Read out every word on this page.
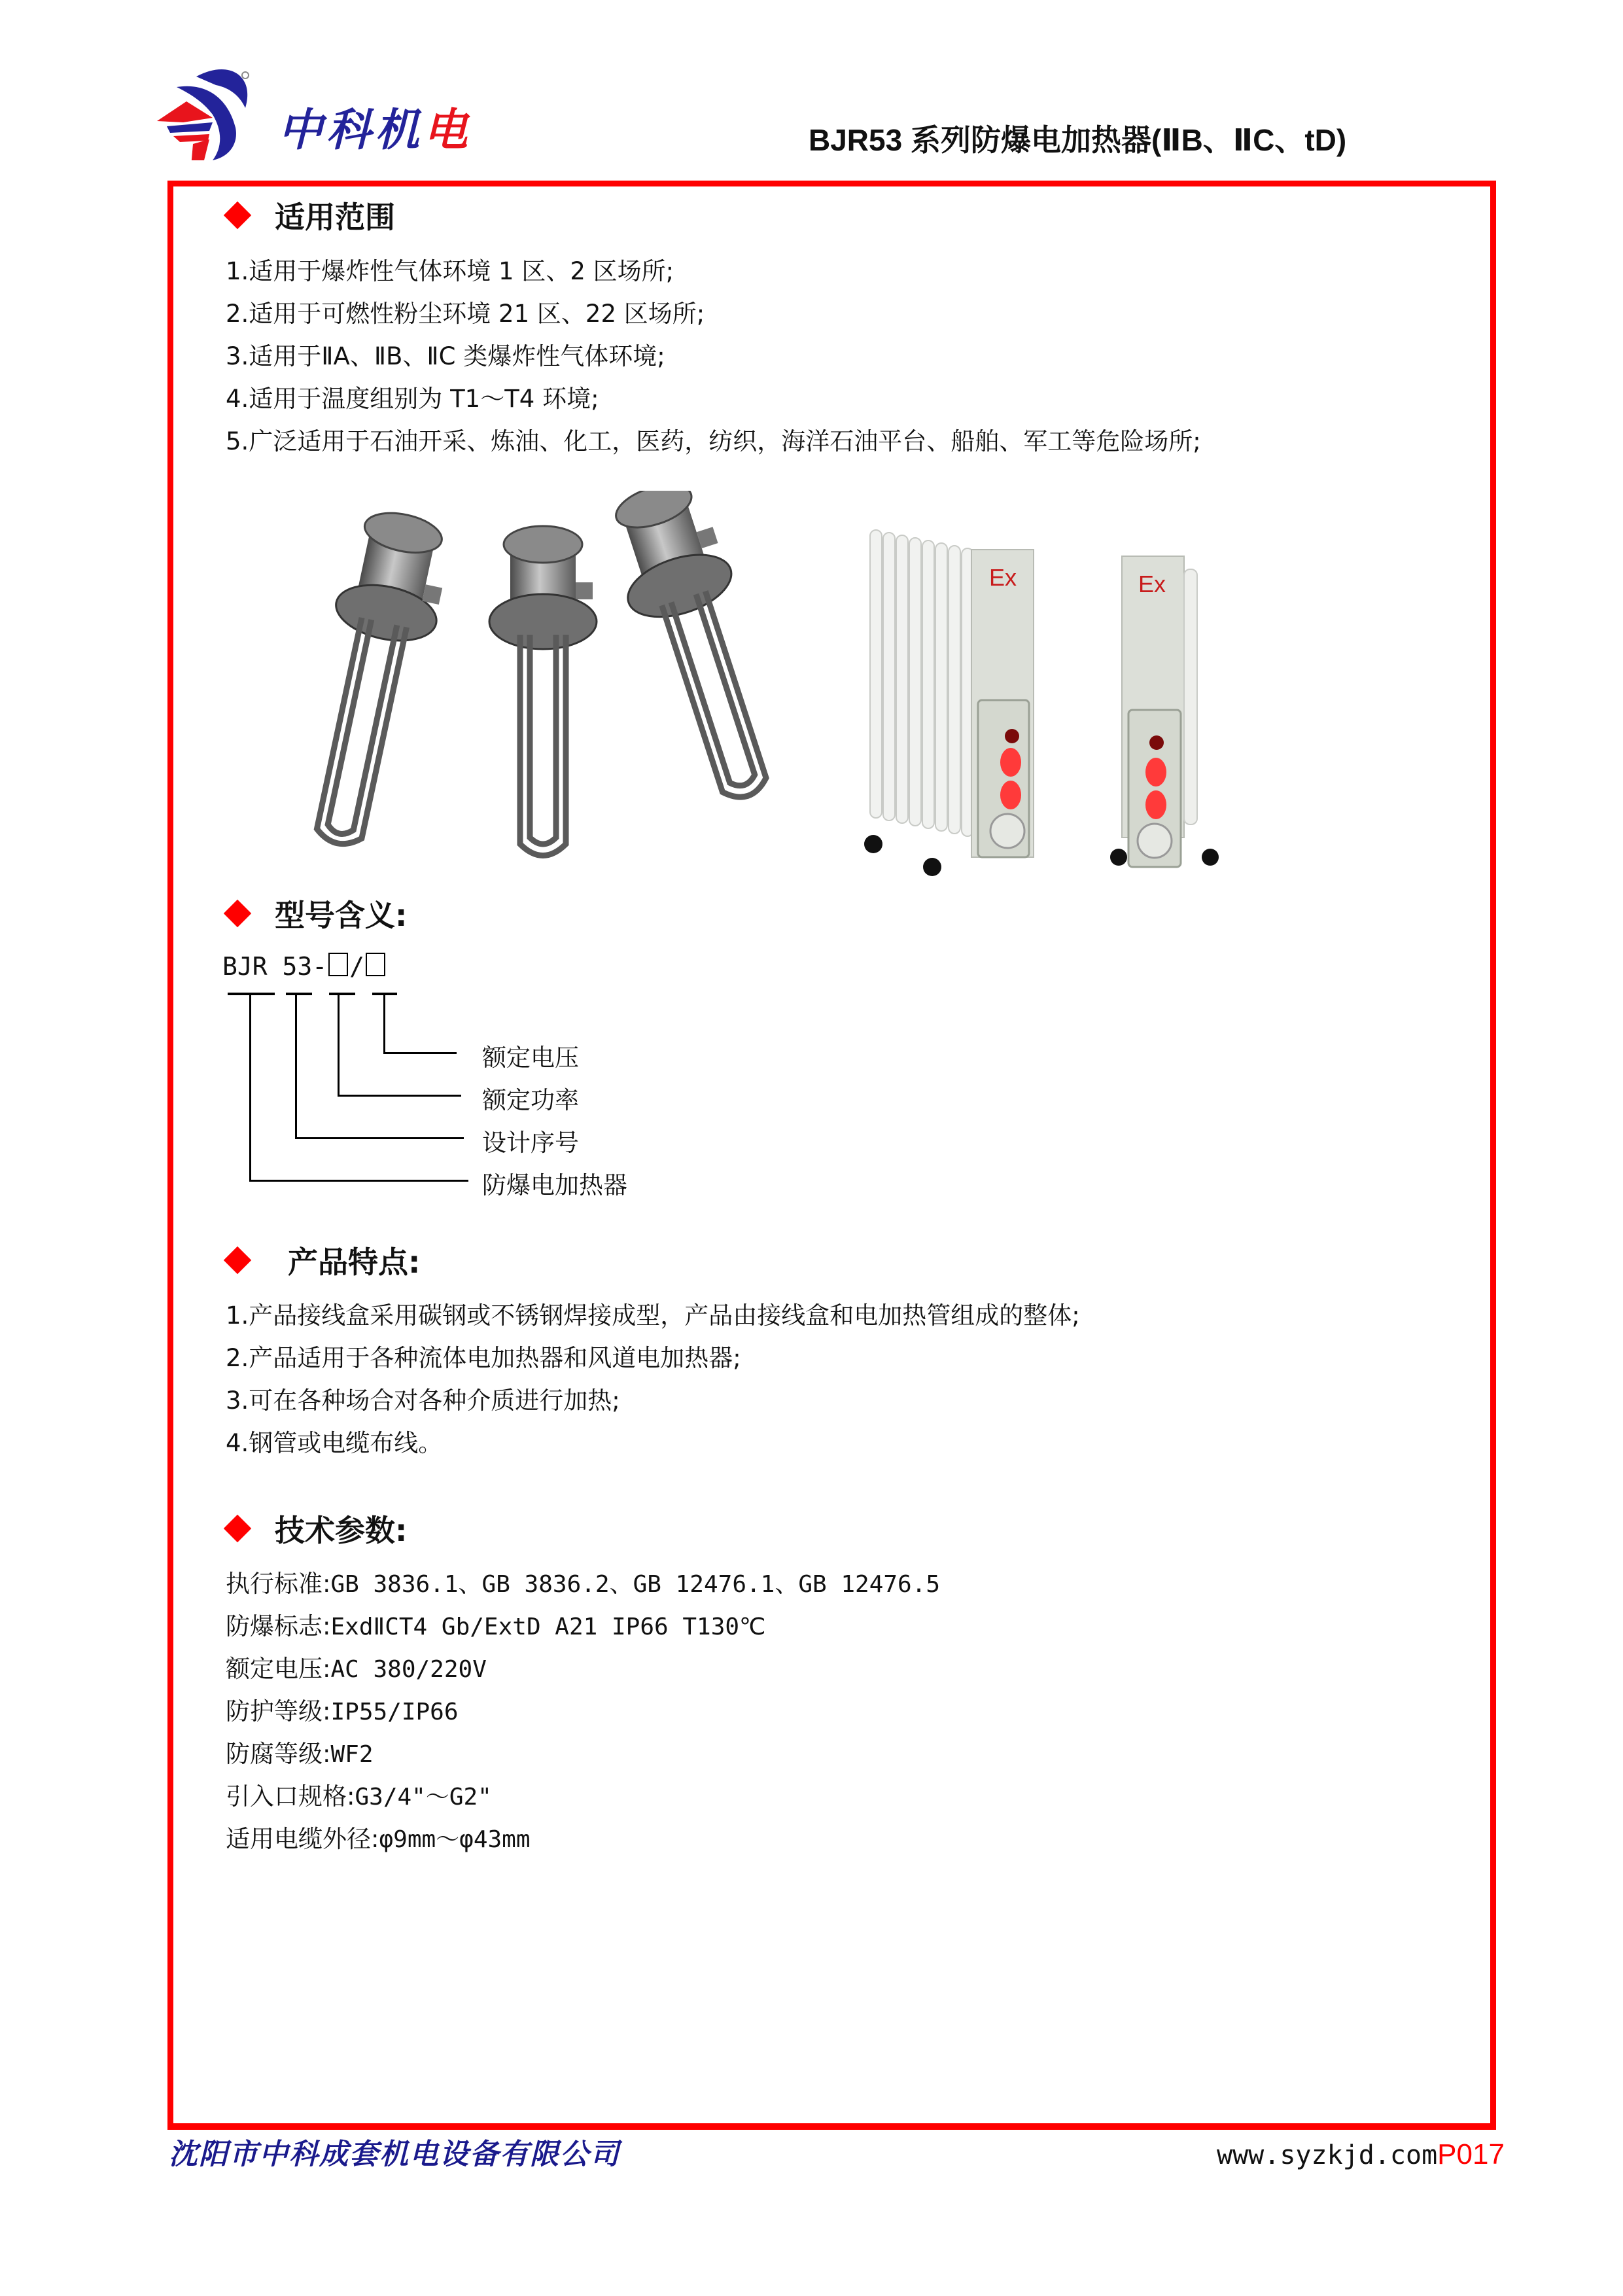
中科机电	BJR53 系列防爆电加热器(ⅡB、ⅡC、tD)
适用范围
1.适用于爆炸性气体环境 1 区、2 区场所;
2.适用于可燃性粉尘环境 21 区、22 区场所;
3.适用于ⅡA、ⅡB、ⅡC 类爆炸性气体环境;
4.适用于温度组别为 T1～T4 环境;
5.广泛适用于石油开采、炼油、化工，医药，纺织，海洋石油平台、船舶、军工等危险场所;
Ex	Ex
型号含义:
BJR 53- /
额定电压
额定功率
设计序号
防爆电加热器
产品特点:
1.产品接线盒采用碳钢或不锈钢焊接成型，产品由接线盒和电加热管组成的整体;
2.产品适用于各种流体电加热器和风道电加热器;
3.可在各种场合对各种介质进行加热;
4.钢管或电缆布线。
技术参数:
执行标准:GB 3836.1、GB 3836.2、GB 12476.1、GB 12476.5
防爆标志:ExdⅡCT4 Gb/ExtD A21 IP66 T130℃
额定电压:AC 380/220V
防护等级:IP55/IP66
防腐等级:WF2
引入口规格:G3/4"～G2"
适用电缆外径:φ9mm～φ43mm
沈阳市中科成套机电设备有限公司	www.syzkjd.comP017
